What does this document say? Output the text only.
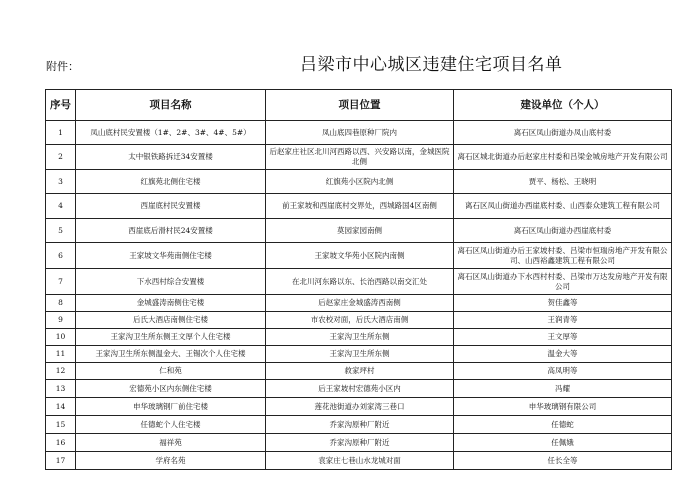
附件：	吕梁市中心城区违建住宅项目名单
序号	项目名称	项目位置	建设单位（个人）
1	凤山底村民安置楼（1#、2#、3#、4#、5#）	凤山底四巷原种厂院内	离石区凤山街道办凤山底村委
2	太中银铁路拆迁34安置楼	后赵家庄社区北川河西路以西、兴安路以南，金城医院北侧	离石区城北街道办后赵家庄村委和吕梁金城房地产开发有限公司
3	红旗苑北侧住宅楼	红旗苑小区院内北侧	贾平、杨松、王晓明
4	西崖底村民安置楼	前王家坡和西崖底村交界处，西城路国4区南侧	离石区凤山街道办西崖底村委、山西泰众建筑工程有限公司
5	西崖底后滑村民24安置楼	莫园家园南侧	离石区凤山街道办西崖底村委
6	王家坡文华苑南侧住宅楼	王家坡文华苑小区院内南侧	离石区凤山街道办后王家坡村委、吕梁市恒瑞房地产开发有限公司、山西裕鑫建筑工程有限公司
7	下水西村综合安置楼	在北川河东路以东、长治西路以南交汇处	离石区凤山街道办下水西村村委、吕梁市万达发房地产开发有限公司
8	金城盛涛南侧住宅楼	后赵家庄金城盛涛西南侧	贺佳鑫等
9	后氏大酒店南侧住宅楼	市农校对面，后氏大酒店南侧	王润青等
10	王家沟卫生所东侧王文厚个人住宅楼	王家沟卫生所东侧	王文厚等
11	王家沟卫生所东侧温金大、王锡次个人住宅楼	王家沟卫生所东侧	温金大等
12	仁和苑	救家坪村	高凤明等
13	宏德苑小区内东侧住宅楼	后王家坡村宏德苑小区内	冯耀
14	申华玻璃钢厂前住宅楼	莲花池街道办刘家湾三巷口	申华玻璃钢有限公司
15	任德蛇个人住宅楼	乔家沟原种厂附近	任德蛇
16	福祥苑	乔家沟原种厂附近	任佩娥
17	学府名苑	袁家庄七巷山水龙城对面	任长全等
